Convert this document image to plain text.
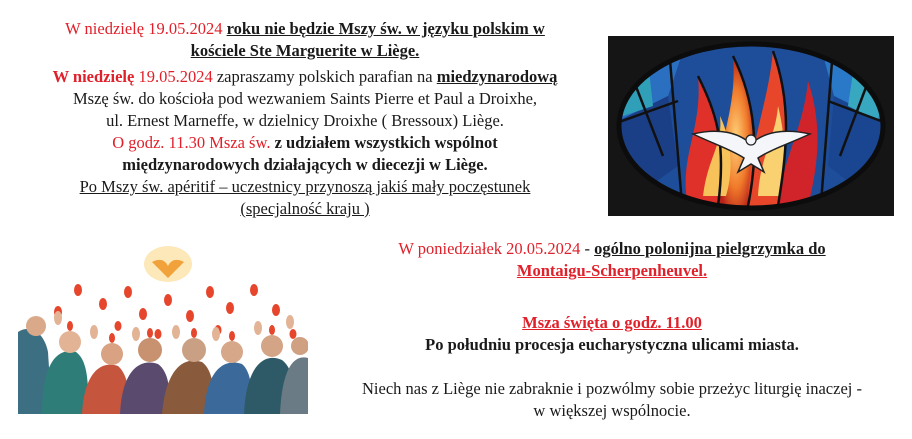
W niedzielę 19.05.2024 roku nie będzie Mszy św. w języku polskim w
kościele Ste Marguerite w Liège.
W niedzielę 19.05.2024 zapraszamy polskich parafian na miedzynarodową
Mszę św. do kościoła pod wezwaniem Saints Pierre et Paul a Droixhe,
ul. Ernest Marneffe, w dzielnicy Droixhe ( Bressoux) Liège.
O godz. 11.30 Msza św. z udziałem wszystkich wspólnot
międzynarodowych działających w diecezji w Liège.
Po Mszy św. apéritif – uczestnicy przynoszą jakiś mały poczęstunek
(specjalność kraju )
W poniedziałek 20.05.2024 - ogólno polonijna pielgrzymka do
Montaigu-Scherpenheuvel.
Msza święta o godz. 11.00
Po południu procesja eucharystyczna ulicami miasta.
Niech nas z Liège nie zabraknie i pozwólmy sobie przeżyc liturgię inaczej -
w większej wspólnocie.
